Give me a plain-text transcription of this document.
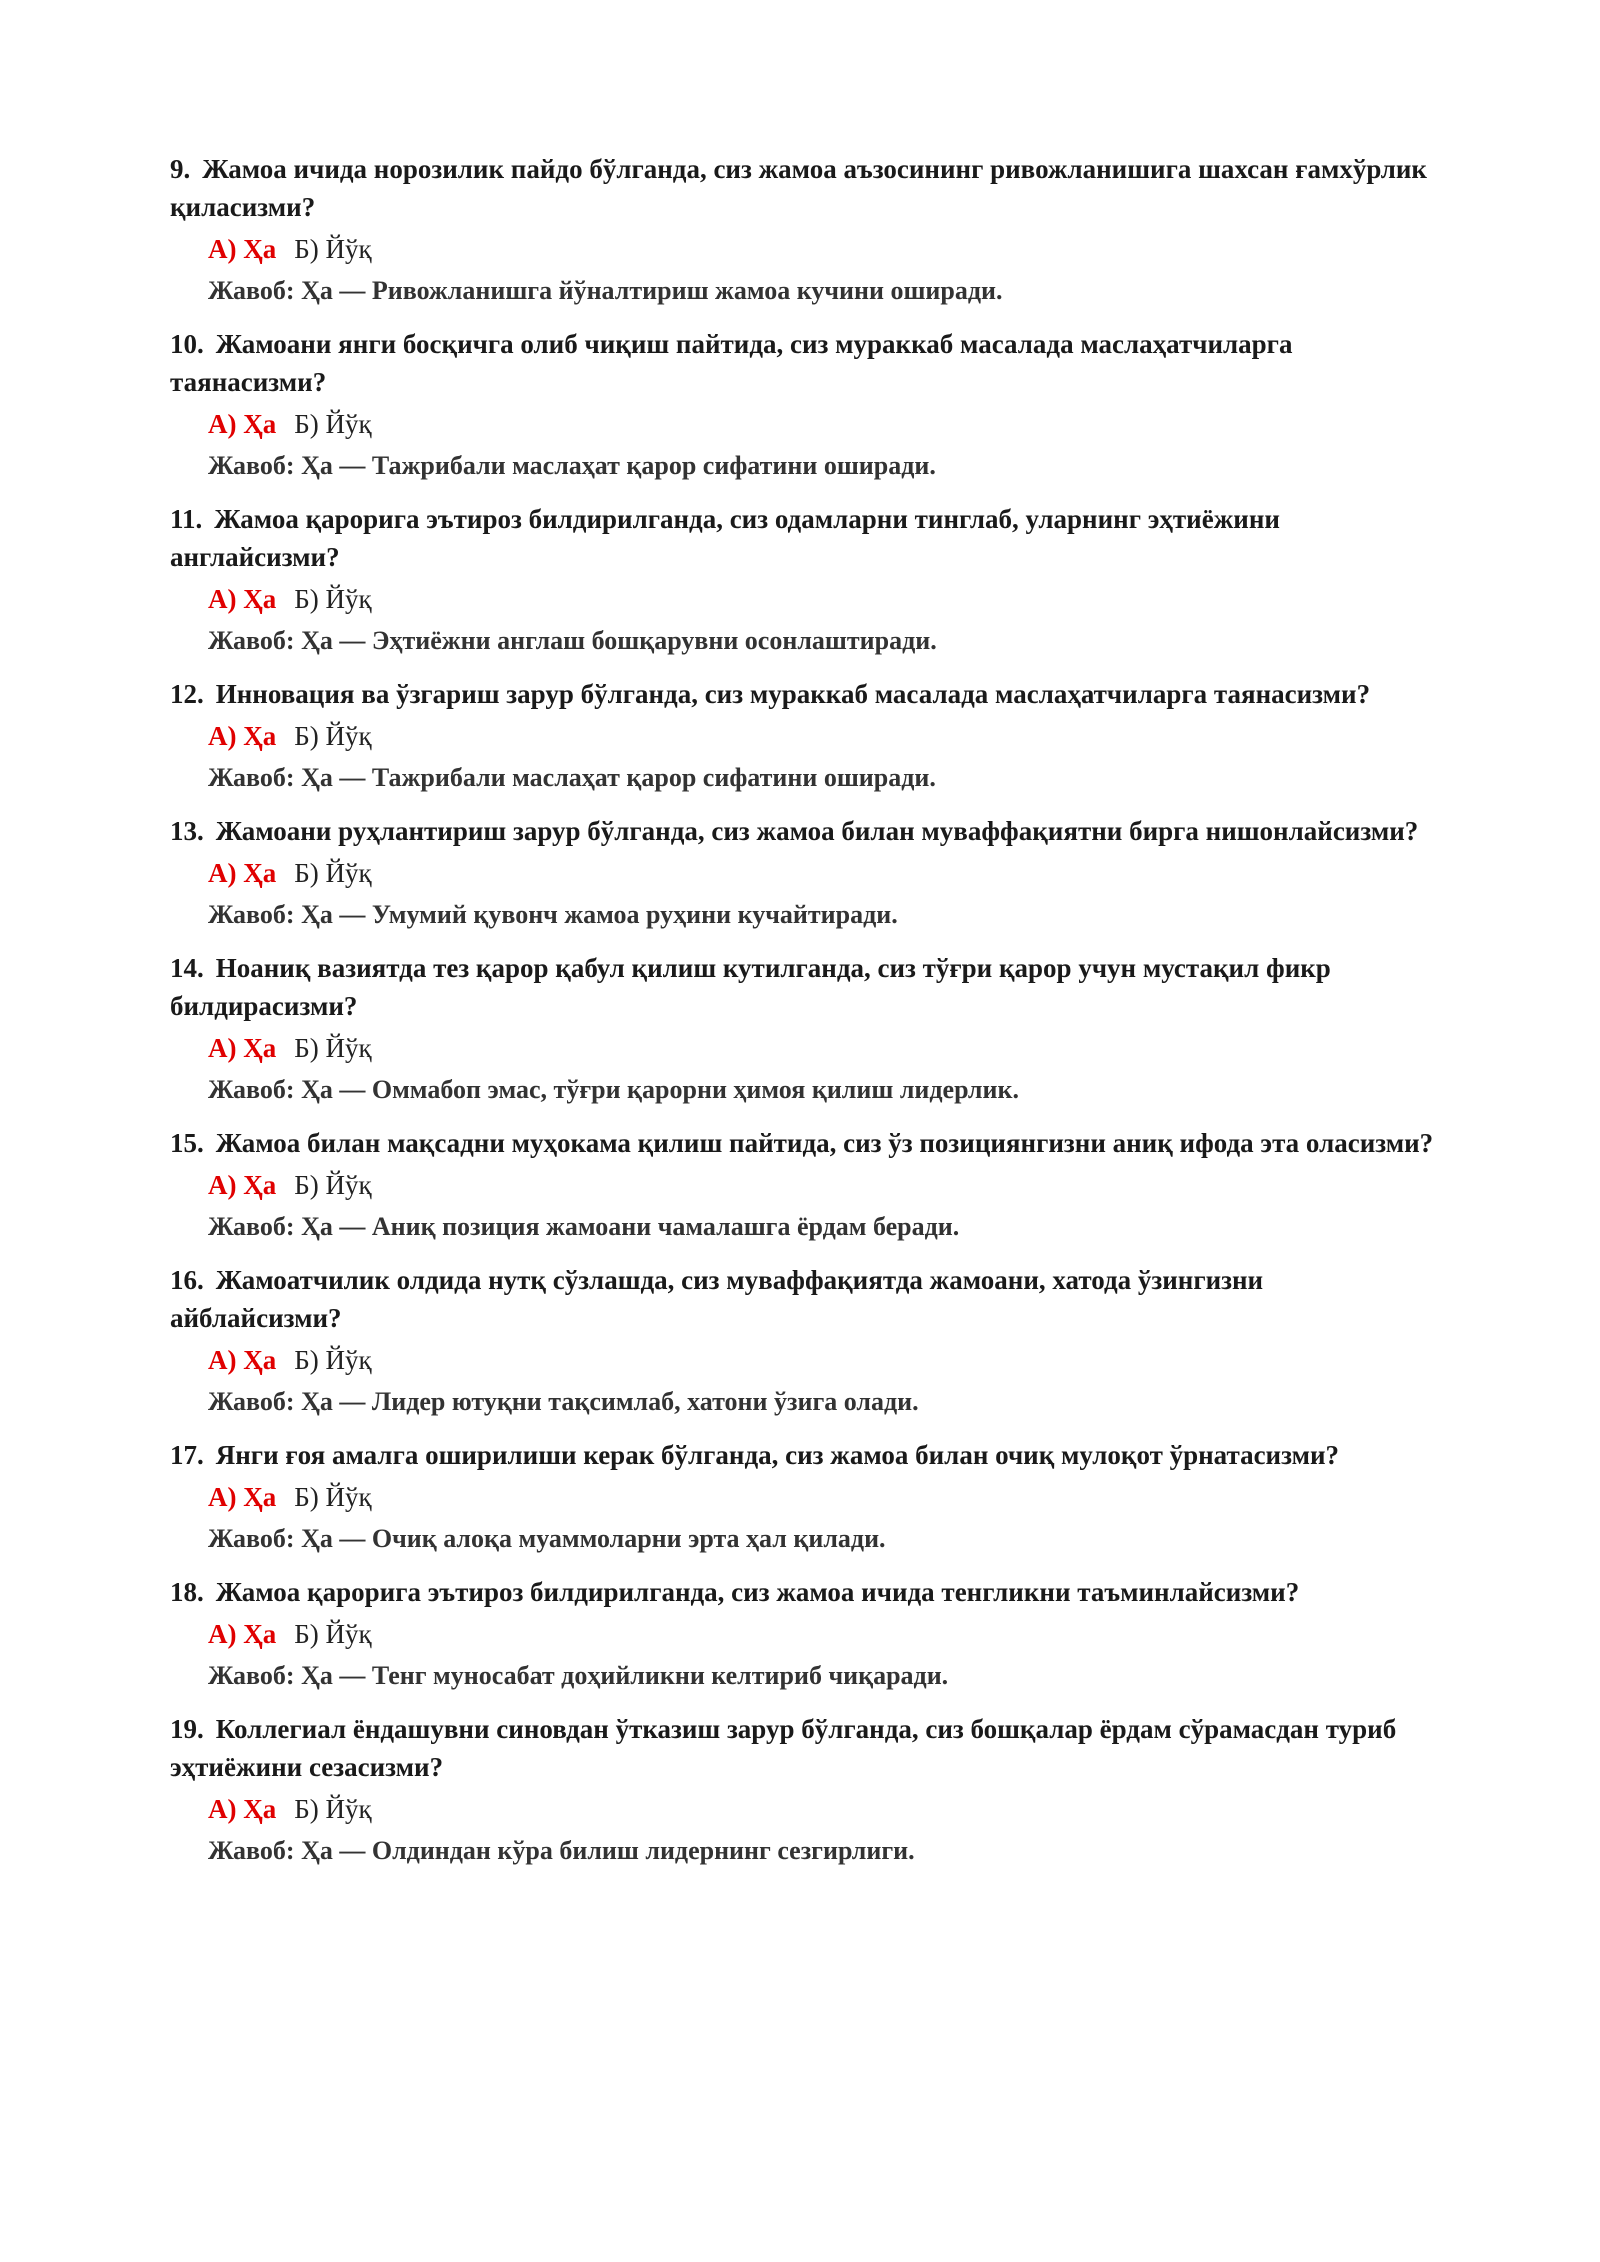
9. Жамоа ичида норозилик пайдо бўлганда, сиз жамоа аъзосининг ривожланишига шахсан ғамхўрлик қиласизми?

А) Ҳа Б) Йўқ
Жавоб: Ҳа — Ривожланишга йўналтириш жамоа кучини оширади.

10. Жамоани янги босқичга олиб чиқиш пайтида, сиз мураккаб масалада маслаҳатчиларга таянасизми?

А) Ҳа Б) Йўқ
Жавоб: Ҳа — Тажрибали маслаҳат қарор сифатини оширади.

11. Жамоа қарорига эътироз билдирилганда, сиз одамларни тинглаб, уларнинг эҳтиёжини англайсизми?

А) Ҳа Б) Йўқ
Жавоб: Ҳа — Эҳтиёжни англаш бошқарувни осонлаштиради.

12. Инновация ва ўзгариш зарур бўлганда, сиз мураккаб масалада маслаҳатчиларга таянасизми?

А) Ҳа Б) Йўқ
Жавоб: Ҳа — Тажрибали маслаҳат қарор сифатини оширади.

13. Жамоани руҳлантириш зарур бўлганда, сиз жамоа билан муваффақиятни бирга нишонлайсизми?

А) Ҳа Б) Йўқ
Жавоб: Ҳа — Умумий қувонч жамоа руҳини кучайтиради.

14. Ноаниқ вазиятда тез қарор қабул қилиш кутилганда, сиз тўғри қарор учун мустақил фикр билдирасизми?

А) Ҳа Б) Йўқ
Жавоб: Ҳа — Оммабоп эмас, тўғри қарорни ҳимоя қилиш лидерлик.

15. Жамоа билан мақсадни муҳокама қилиш пайтида, сиз ўз позициянгизни аниқ ифода эта оласизми?

А) Ҳа Б) Йўқ
Жавоб: Ҳа — Аниқ позиция жамоани чамалашга ёрдам беради.

16. Жамоатчилик олдида нутқ сўзлашда, сиз муваффақиятда жамоани, хатода ўзингизни айблайсизми?

А) Ҳа Б) Йўқ
Жавоб: Ҳа — Лидер ютуқни тақсимлаб, хатони ўзига олади.

17. Янги ғоя амалга оширилиши керак бўлганда, сиз жамоа билан очиқ мулоқот ўрнатасизми?

А) Ҳа Б) Йўқ
Жавоб: Ҳа — Очиқ алоқа муаммоларни эрта ҳал қилади.

18. Жамоа қарорига эътироз билдирилганда, сиз жамоа ичида тенгликни таъминлайсизми?

А) Ҳа Б) Йўқ
Жавоб: Ҳа — Тенг муносабат доҳийликни келтириб чиқаради.

19. Коллегиал ёндашувни синовдан ўтказиш зарур бўлганда, сиз бошқалар ёрдам сўрамасдан туриб эҳтиёжини сезасизми?

А) Ҳа Б) Йўқ
Жавоб: Ҳа — Олдиндан кўра билиш лидернинг сезгирлиги.
